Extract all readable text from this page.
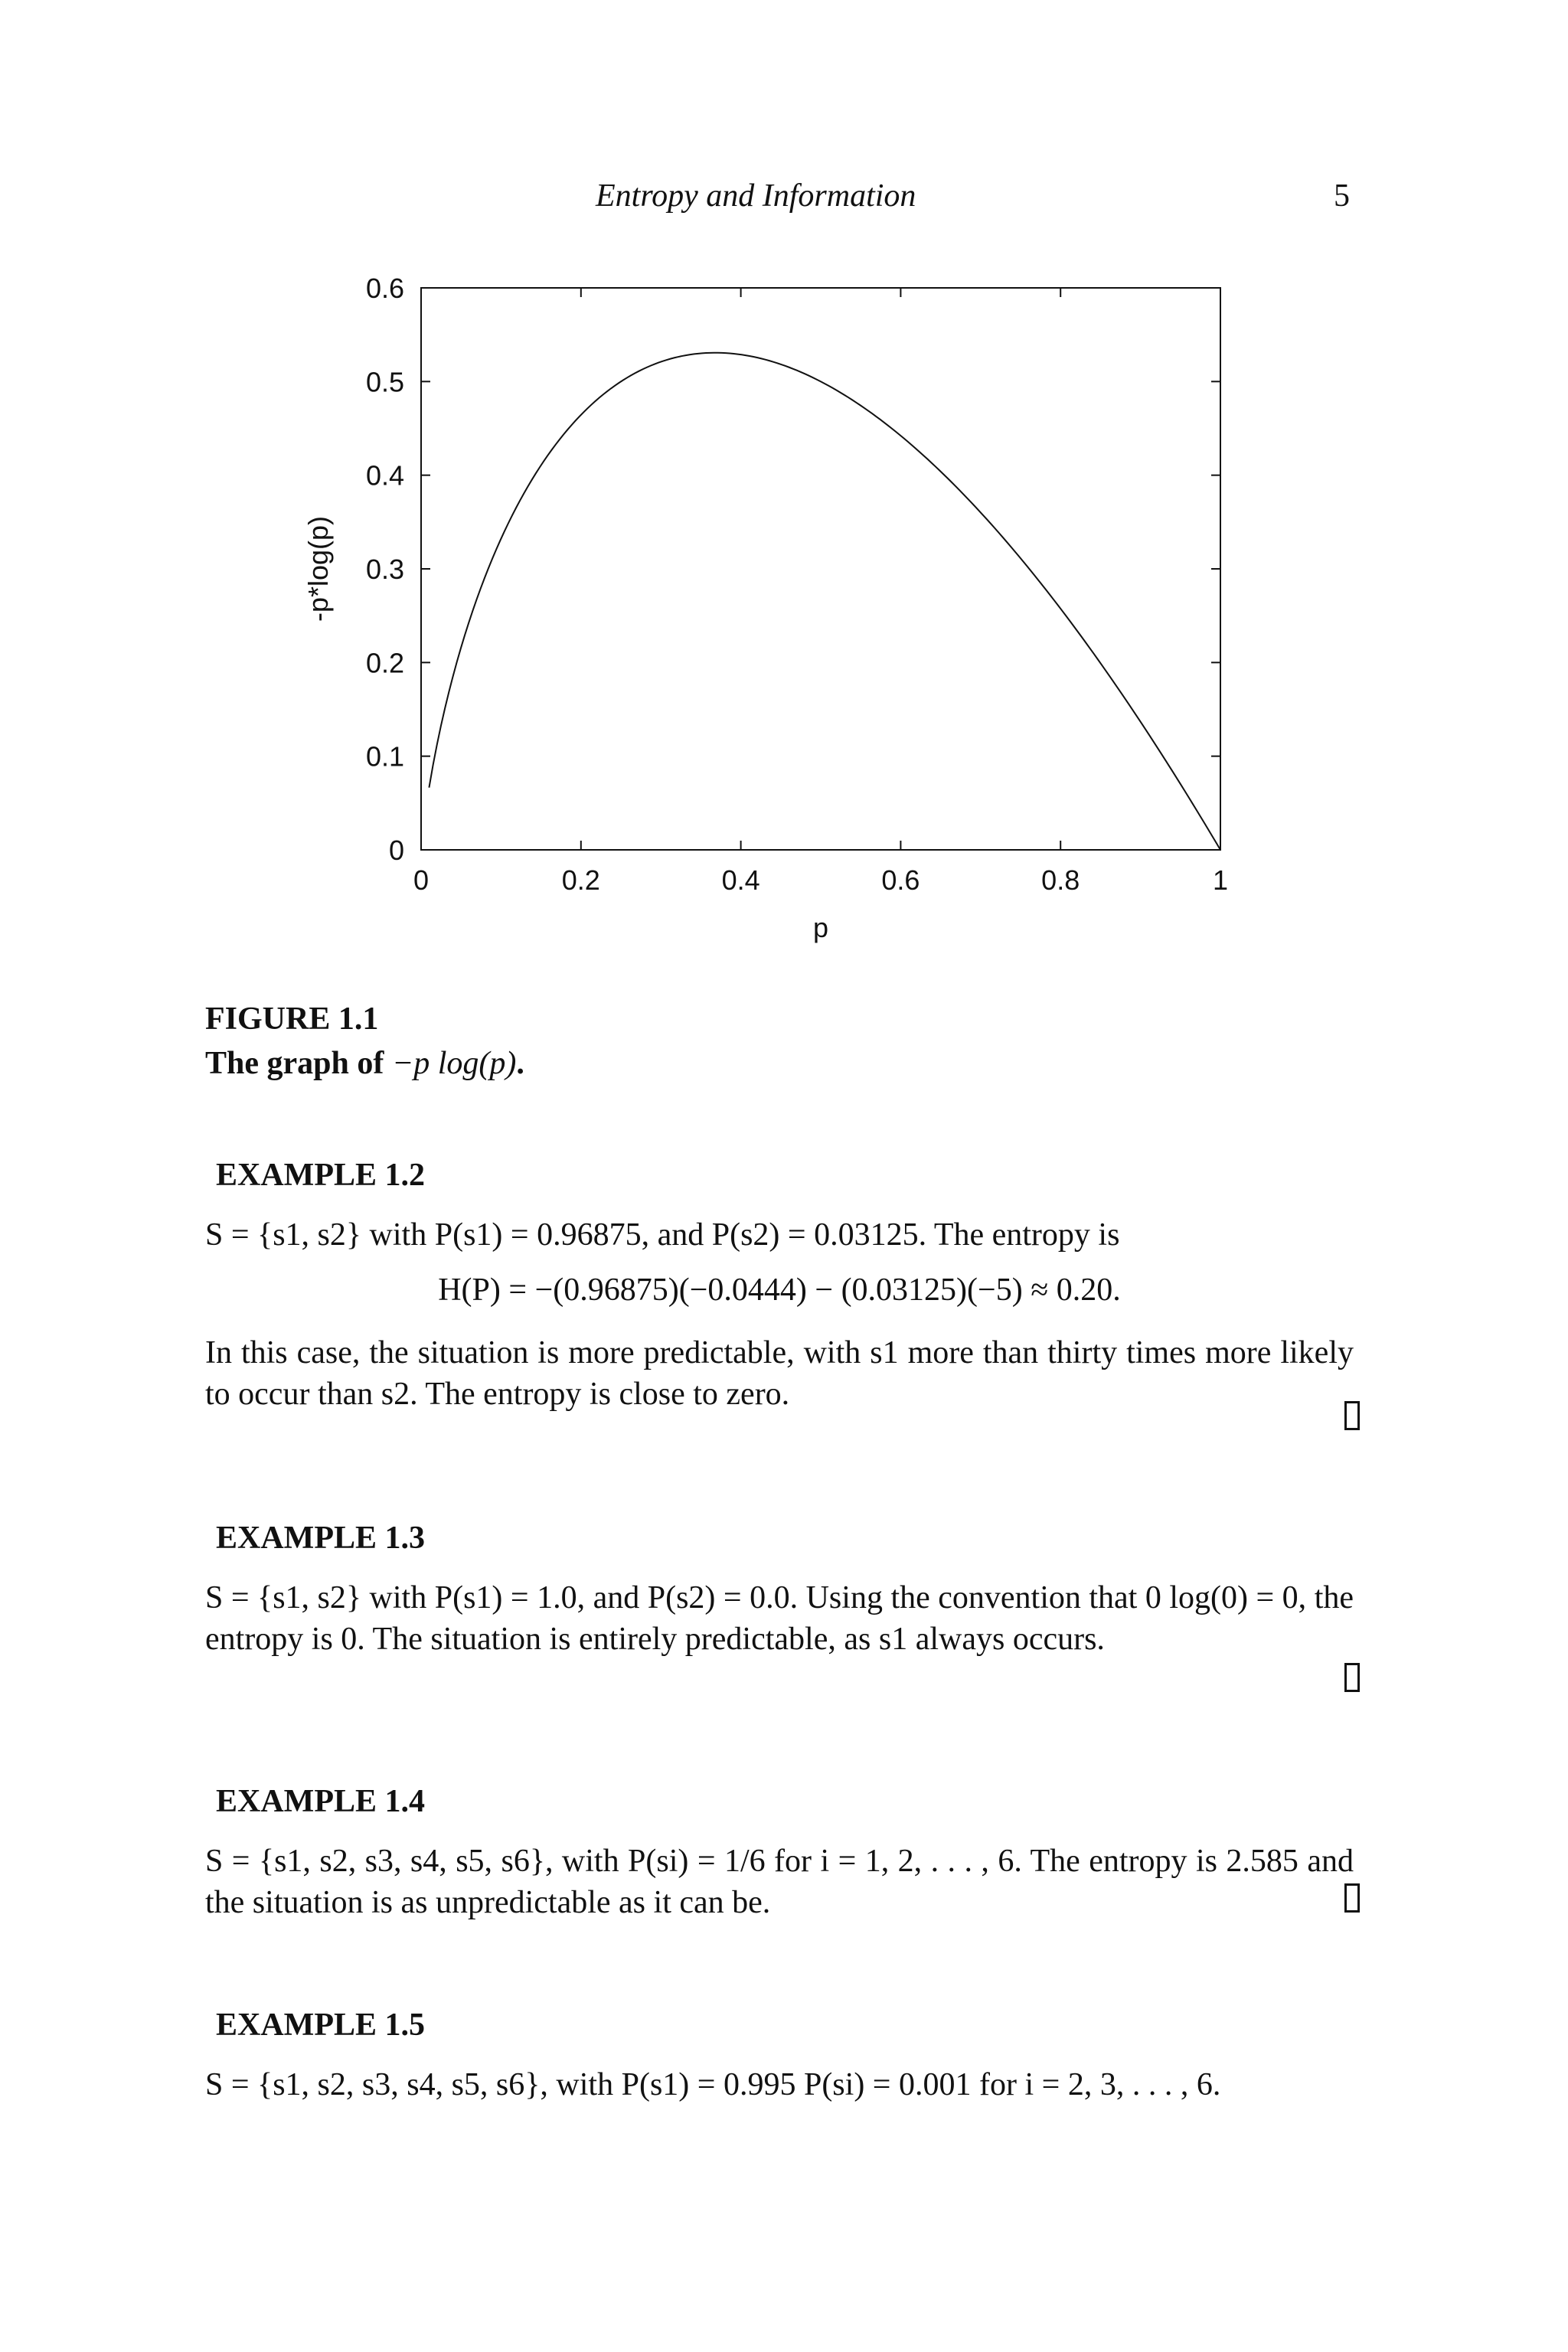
Entropy and Information	5
0	0.2	0.4	0.6	0.8	1
0
0.1
0.2
0.3
0.4
0.5
0.6
p
-p*log(p)
FIGURE 1.1
The graph of −p log(p).
EXAMPLE 1.2

S = {s1, s2} with P(s1) = 0.96875, and P(s2) = 0.03125. The entropy is

H(P) = −(0.96875)(−0.0444) − (0.03125)(−5) ≈ 0.20.

In this case, the situation is more predictable, with s1 more than thirty times more likely to occur than s2. The entropy is close to zero.

EXAMPLE 1.3

S = {s1, s2} with P(s1) = 1.0, and P(s2) = 0.0. Using the convention that 0 log(0) = 0, the entropy is 0. The situation is entirely predictable, as s1 always occurs.

EXAMPLE 1.4

S = {s1, s2, s3, s4, s5, s6}, with P(si) = 1/6 for i = 1, 2, . . . , 6. The entropy is 2.585 and the situation is as unpredictable as it can be.

EXAMPLE 1.5

S = {s1, s2, s3, s4, s5, s6}, with P(s1) = 0.995 P(si) = 0.001 for i = 2, 3, . . . , 6.
